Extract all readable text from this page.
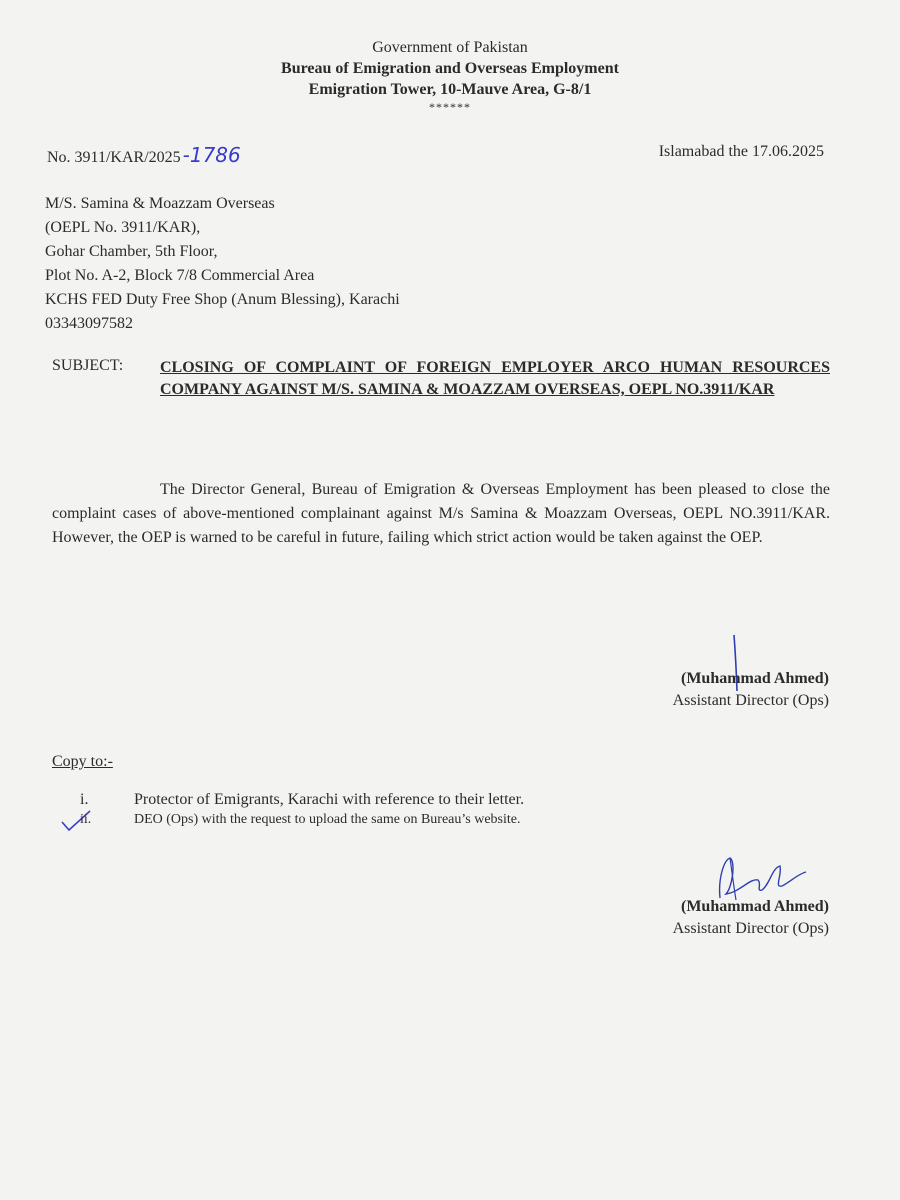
Government of Pakistan
Bureau of Emigration and Overseas Employment
Emigration Tower, 10-Mauve Area, G-8/1
******
No. 3911/KAR/2025 -1786	Islamabad the 17.06.2025
M/S. Samina & Moazzam Overseas
(OEPL No. 3911/KAR),
Gohar Chamber, 5th Floor,
Plot No. A-2, Block 7/8 Commercial Area
KCHS FED Duty Free Shop (Anum Blessing), Karachi
03343097582
SUBJECT: CLOSING OF COMPLAINT OF FOREIGN EMPLOYER ARCO HUMAN RESOURCES COMPANY AGAINST M/S. SAMINA & MOAZZAM OVERSEAS, OEPL NO.3911/KAR
The Director General, Bureau of Emigration & Overseas Employment has been pleased to close the complaint cases of above-mentioned complainant against M/s Samina & Moazzam Overseas, OEPL NO.3911/KAR. However, the OEP is warned to be careful in future, failing which strict action would be taken against the OEP.
(Muhammad Ahmed)
Assistant Director (Ops)
Copy to:-
i.	Protector of Emigrants, Karachi with reference to their letter.
ii.	DEO (Ops) with the request to upload the same on Bureau’s website.
(Muhammad Ahmed)
Assistant Director (Ops)
